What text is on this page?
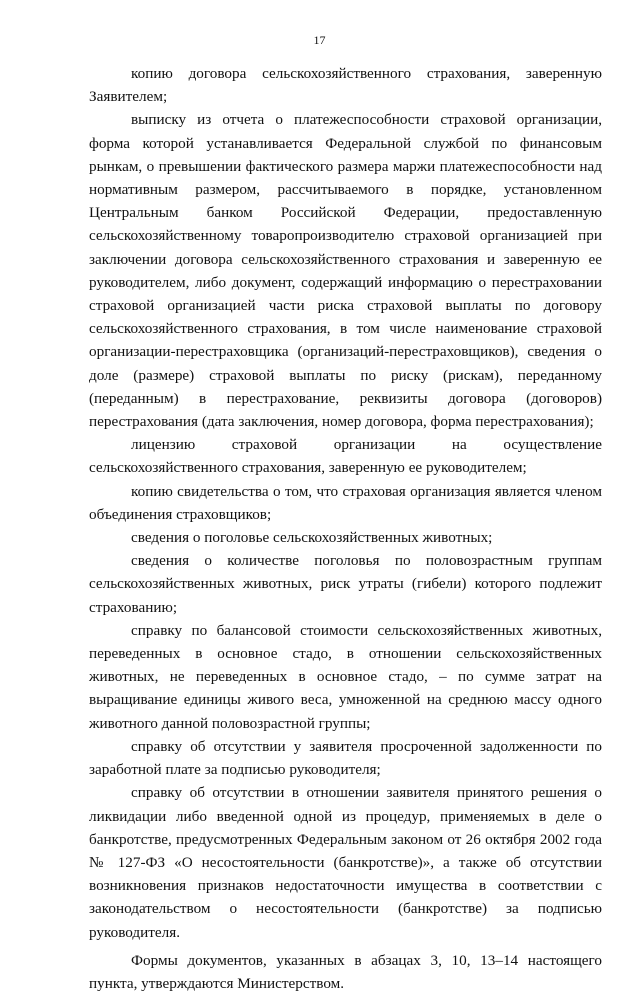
17

копию договора сельскохозяйственного страхования, заверенную Заявителем;

выписку из отчета о платежеспособности страховой организации, форма которой устанавливается Федеральной службой по финансовым рынкам, о превышении фактического размера маржи платежеспособности над нормативным размером, рассчитываемого в порядке, установленном Центральным банком Российской Федерации, предоставленную сельскохозяйственному товаропроизводителю страховой организацией при заключении договора сельскохозяйственного страхования и заверенную ее руководителем, либо документ, содержащий информацию о перестраховании страховой организацией части риска страховой выплаты по договору сельскохозяйственного страхования, в том числе наименование страховой организации-перестраховщика (организаций-перестраховщиков), сведения о доле (размере) страховой выплаты по риску (рискам), переданному (переданным) в перестрахование, реквизиты договора (договоров) перестрахования (дата заключения, номер договора, форма перестрахования);

лицензию страховой организации на осуществление сельскохозяйственного страхования, заверенную ее руководителем;

копию свидетельства о том, что страховая организация является членом объединения страховщиков;

сведения о поголовье сельскохозяйственных животных;

сведения о количестве поголовья по половозрастным группам сельскохозяйственных животных, риск утраты (гибели) которого подлежит страхованию;

справку по балансовой стоимости сельскохозяйственных животных, переведенных в основное стадо, в отношении сельскохозяйственных животных, не переведенных в основное стадо, – по сумме затрат на выращивание единицы живого веса, умноженной на среднюю массу одного животного данной половозрастной группы;

справку об отсутствии у заявителя просроченной задолженности по заработной плате за подписью руководителя;

справку об отсутствии в отношении заявителя принятого решения о ликвидации либо введенной одной из процедур, применяемых в деле о банкротстве, предусмотренных Федеральным законом от 26 октября 2002 года № 127-ФЗ «О несостоятельности (банкротстве)», а также об отсутствии возникновения признаков недостаточности имущества в соответствии с законодательством о несостоятельности (банкротстве) за подписью руководителя.

Формы документов, указанных в абзацах 3, 10, 13–14 настоящего пункта, утверждаются Министерством.
